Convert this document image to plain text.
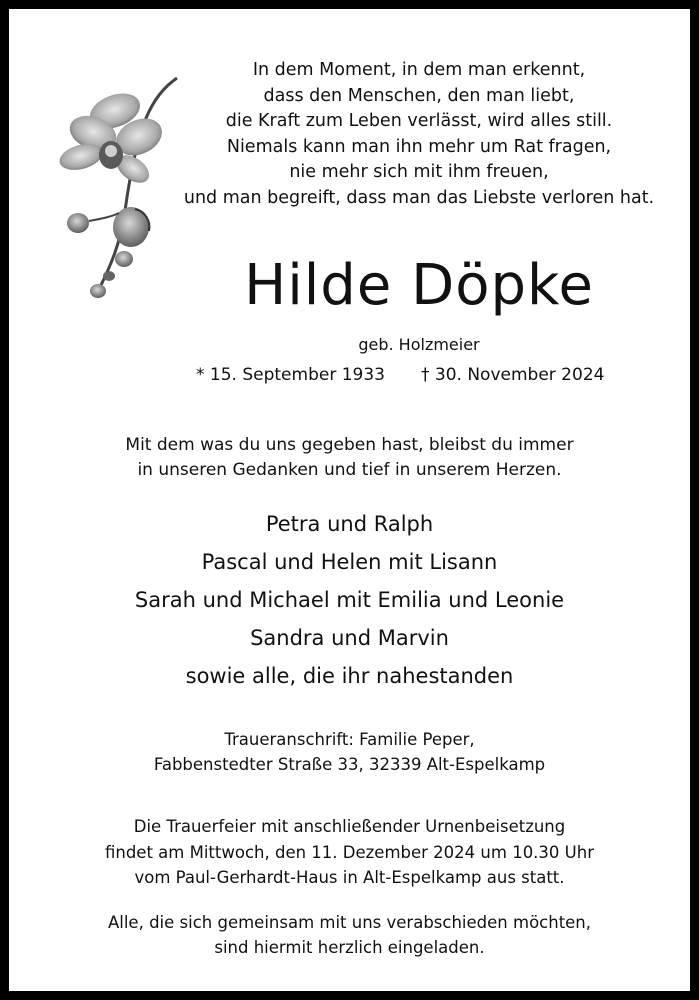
In dem Moment, in dem man erkennt,
dass den Menschen, den man liebt,
die Kraft zum Leben verlässt, wird alles still.
Niemals kann man ihn mehr um Rat fragen,
nie mehr sich mit ihm freuen,
und man begreift, dass man das Liebste verloren hat.
Hilde Döpke
geb. Holzmeier
* 15. September 1933 † 30. November 2024
Mit dem was du uns gegeben hast, bleibst du immer
in unseren Gedanken und tief in unserem Herzen.
Petra und Ralph
Pascal und Helen mit Lisann
Sarah und Michael mit Emilia und Leonie
Sandra und Marvin
sowie alle, die ihr nahestanden
Traueranschrift: Familie Peper,
Fabbenstedter Straße 33, 32339 Alt-Espelkamp
Die Trauerfeier mit anschließender Urnenbeisetzung
findet am Mittwoch, den 11. Dezember 2024 um 10.30 Uhr
vom Paul-Gerhardt-Haus in Alt-Espelkamp aus statt.
Alle, die sich gemeinsam mit uns verabschieden möchten,
sind hiermit herzlich eingeladen.
